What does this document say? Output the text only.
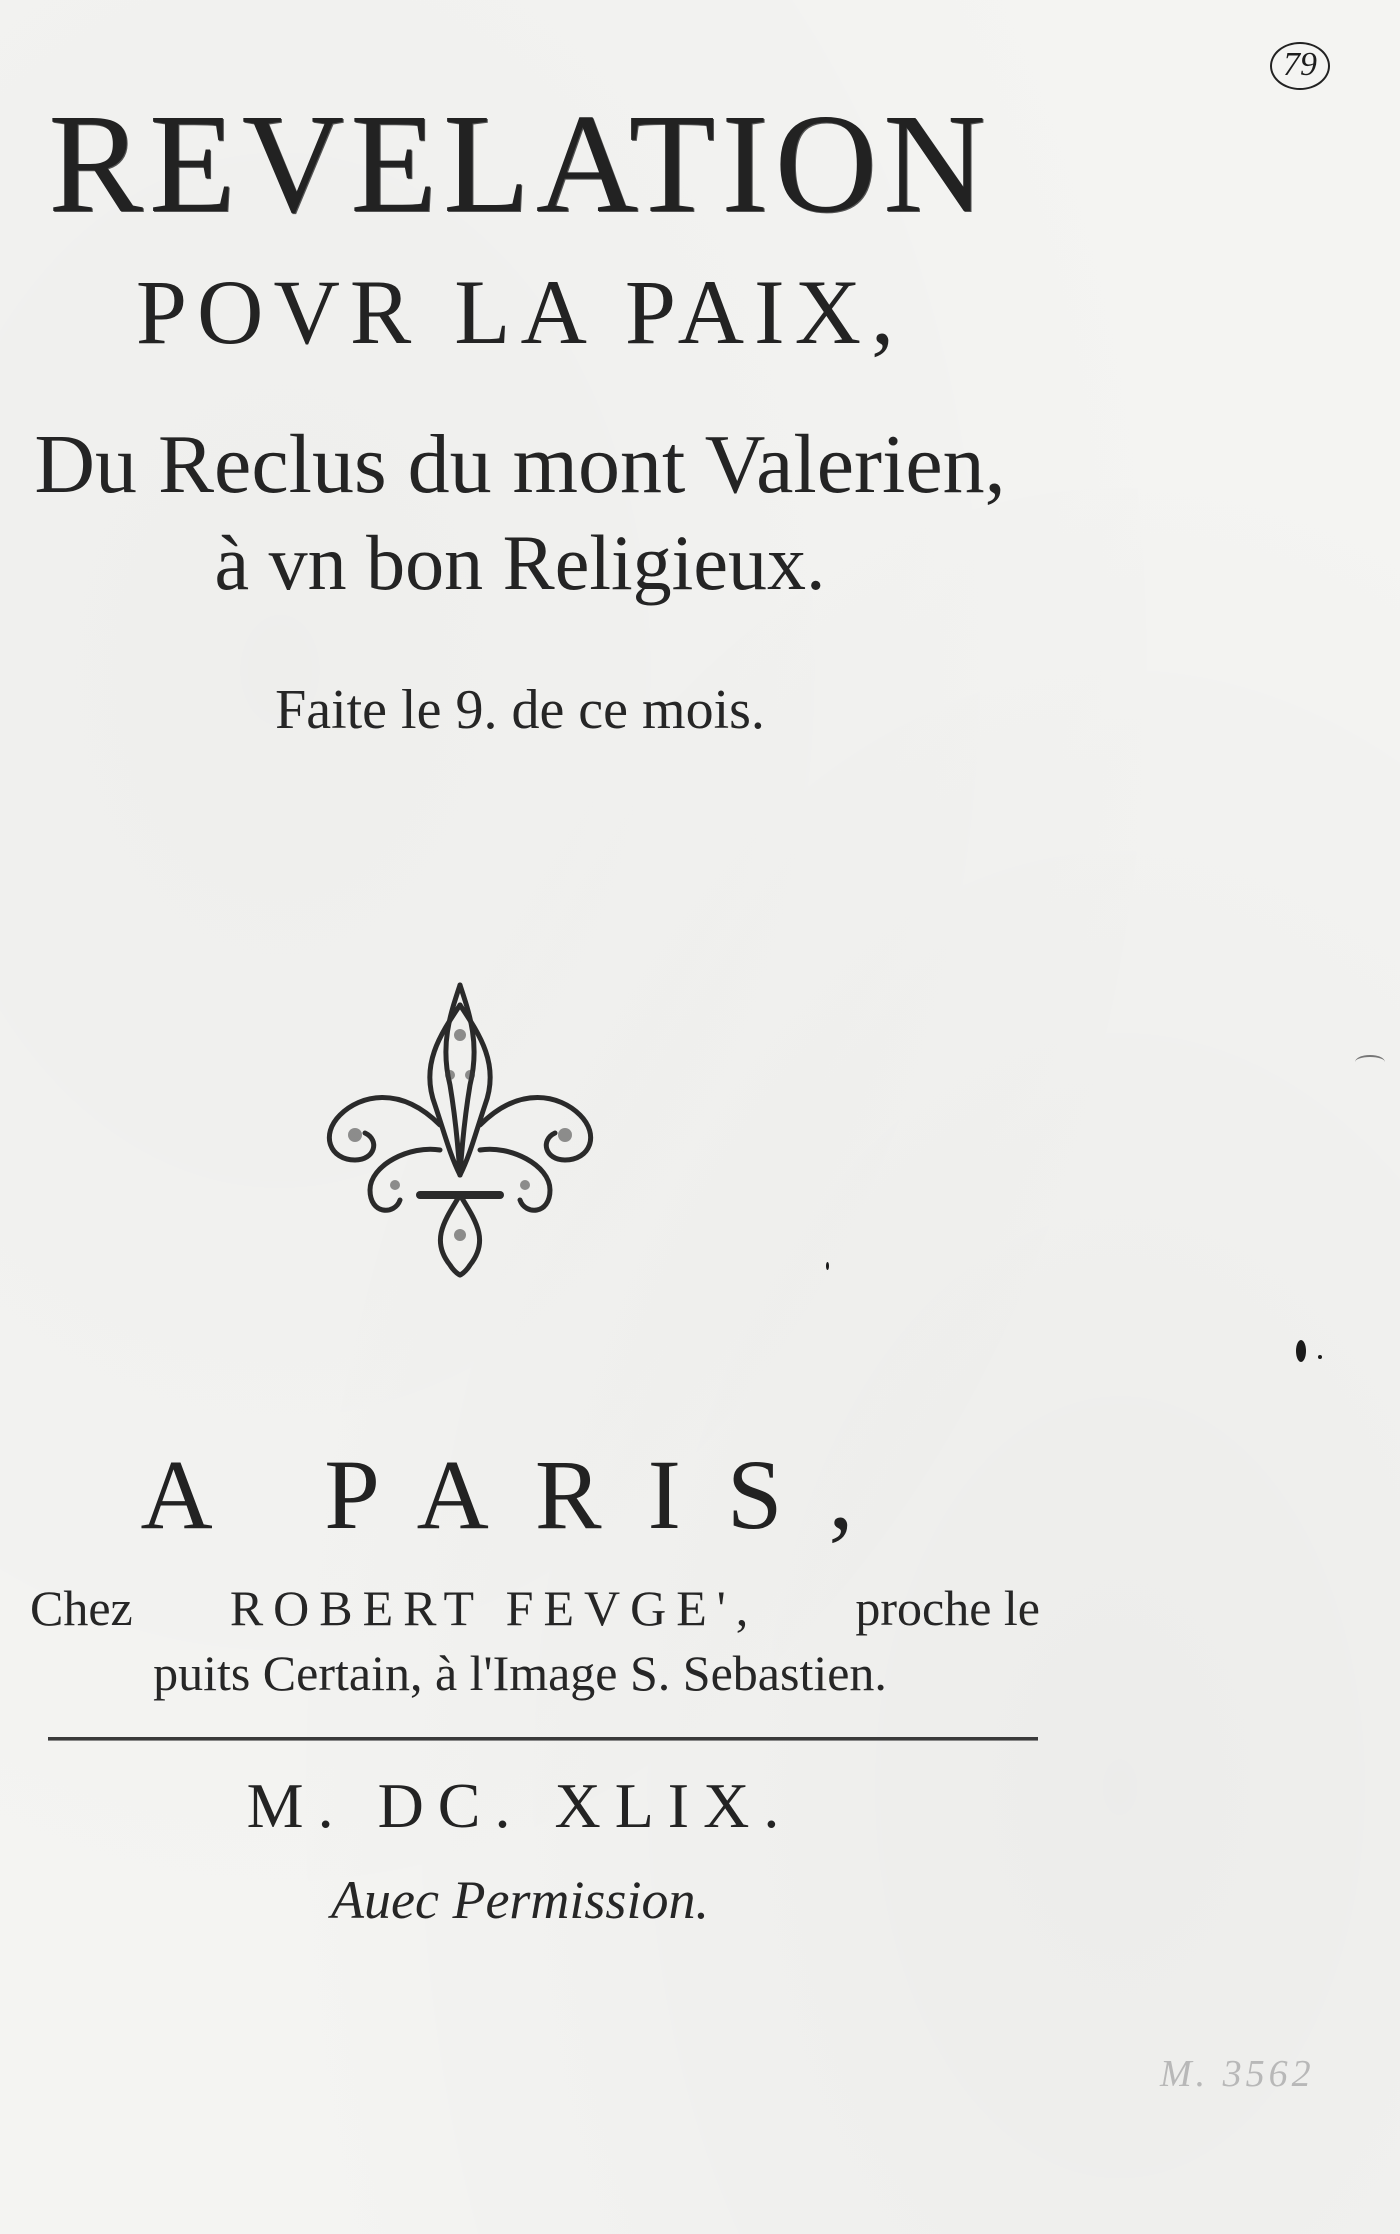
79
REVELATION
POVR LA PAIX,
Du Reclus du mont Valerien,
à vn bon Religieux.
Faite le 9. de ce mois.
A PARIS,
Chez ROBERT FEVGE', proche le
puits Certain, à l'Image S. Sebastien.
M. DC. XLIX.
Auec Permission.
M. 3562
